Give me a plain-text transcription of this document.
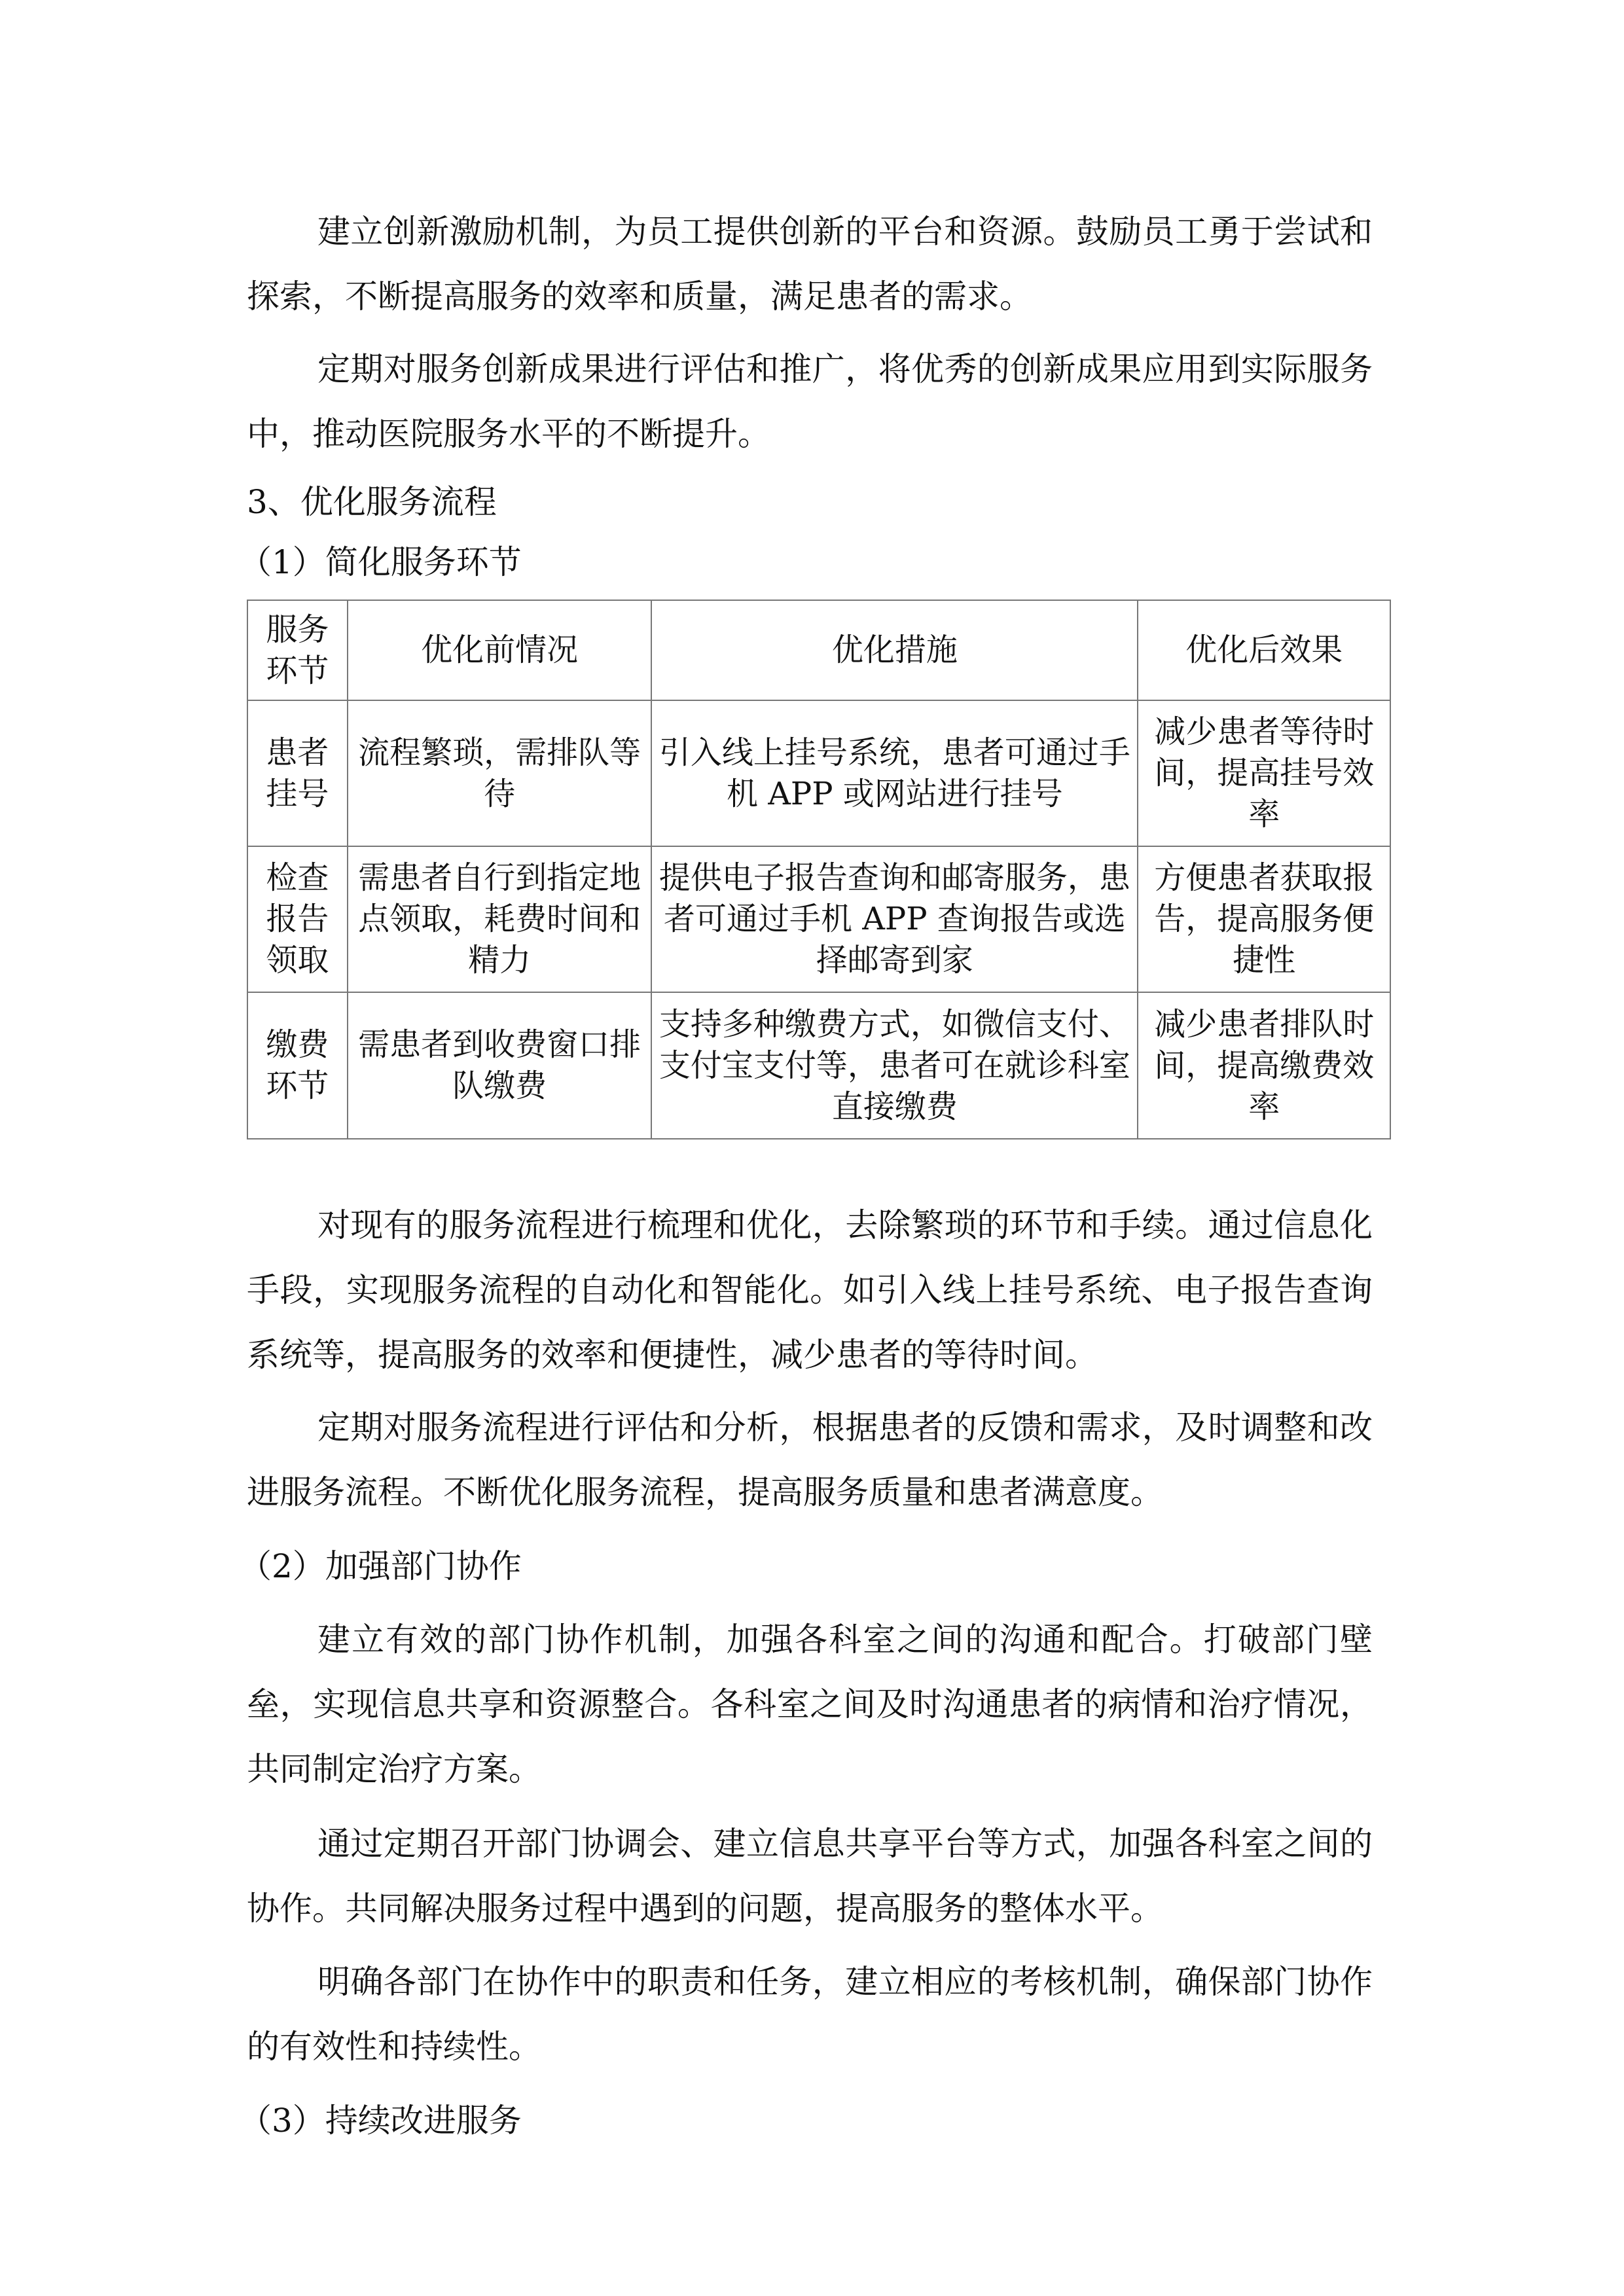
建立创新激励机制，为员工提供创新的平台和资源。鼓励员工勇于尝试和探索，不断提高服务的效率和质量，满足患者的需求。
定期对服务创新成果进行评估和推广，将优秀的创新成果应用到实际服务中，推动医院服务水平的不断提升。
3、优化服务流程
（1）简化服务环节
服务环节	优化前情况	优化措施	优化后效果
患者挂号	流程繁琐，需排队等待	引入线上挂号系统，患者可通过手机 APP 或网站进行挂号	减少患者等待时间，提高挂号效率
检查报告领取	需患者自行到指定地点领取，耗费时间和精力	提供电子报告查询和邮寄服务，患者可通过手机 APP 查询报告或选择邮寄到家	方便患者获取报告，提高服务便捷性
缴费环节	需患者到收费窗口排队缴费	支持多种缴费方式，如微信支付、支付宝支付等，患者可在就诊科室直接缴费	减少患者排队时间，提高缴费效率
对现有的服务流程进行梳理和优化，去除繁琐的环节和手续。通过信息化手段，实现服务流程的自动化和智能化。如引入线上挂号系统、电子报告查询系统等，提高服务的效率和便捷性，减少患者的等待时间。
定期对服务流程进行评估和分析，根据患者的反馈和需求，及时调整和改进服务流程。不断优化服务流程，提高服务质量和患者满意度。
（2）加强部门协作
建立有效的部门协作机制，加强各科室之间的沟通和配合。打破部门壁垒，实现信息共享和资源整合。各科室之间及时沟通患者的病情和治疗情况，共同制定治疗方案。
通过定期召开部门协调会、建立信息共享平台等方式，加强各科室之间的协作。共同解决服务过程中遇到的问题，提高服务的整体水平。
明确各部门在协作中的职责和任务，建立相应的考核机制，确保部门协作的有效性和持续性。
（3）持续改进服务
